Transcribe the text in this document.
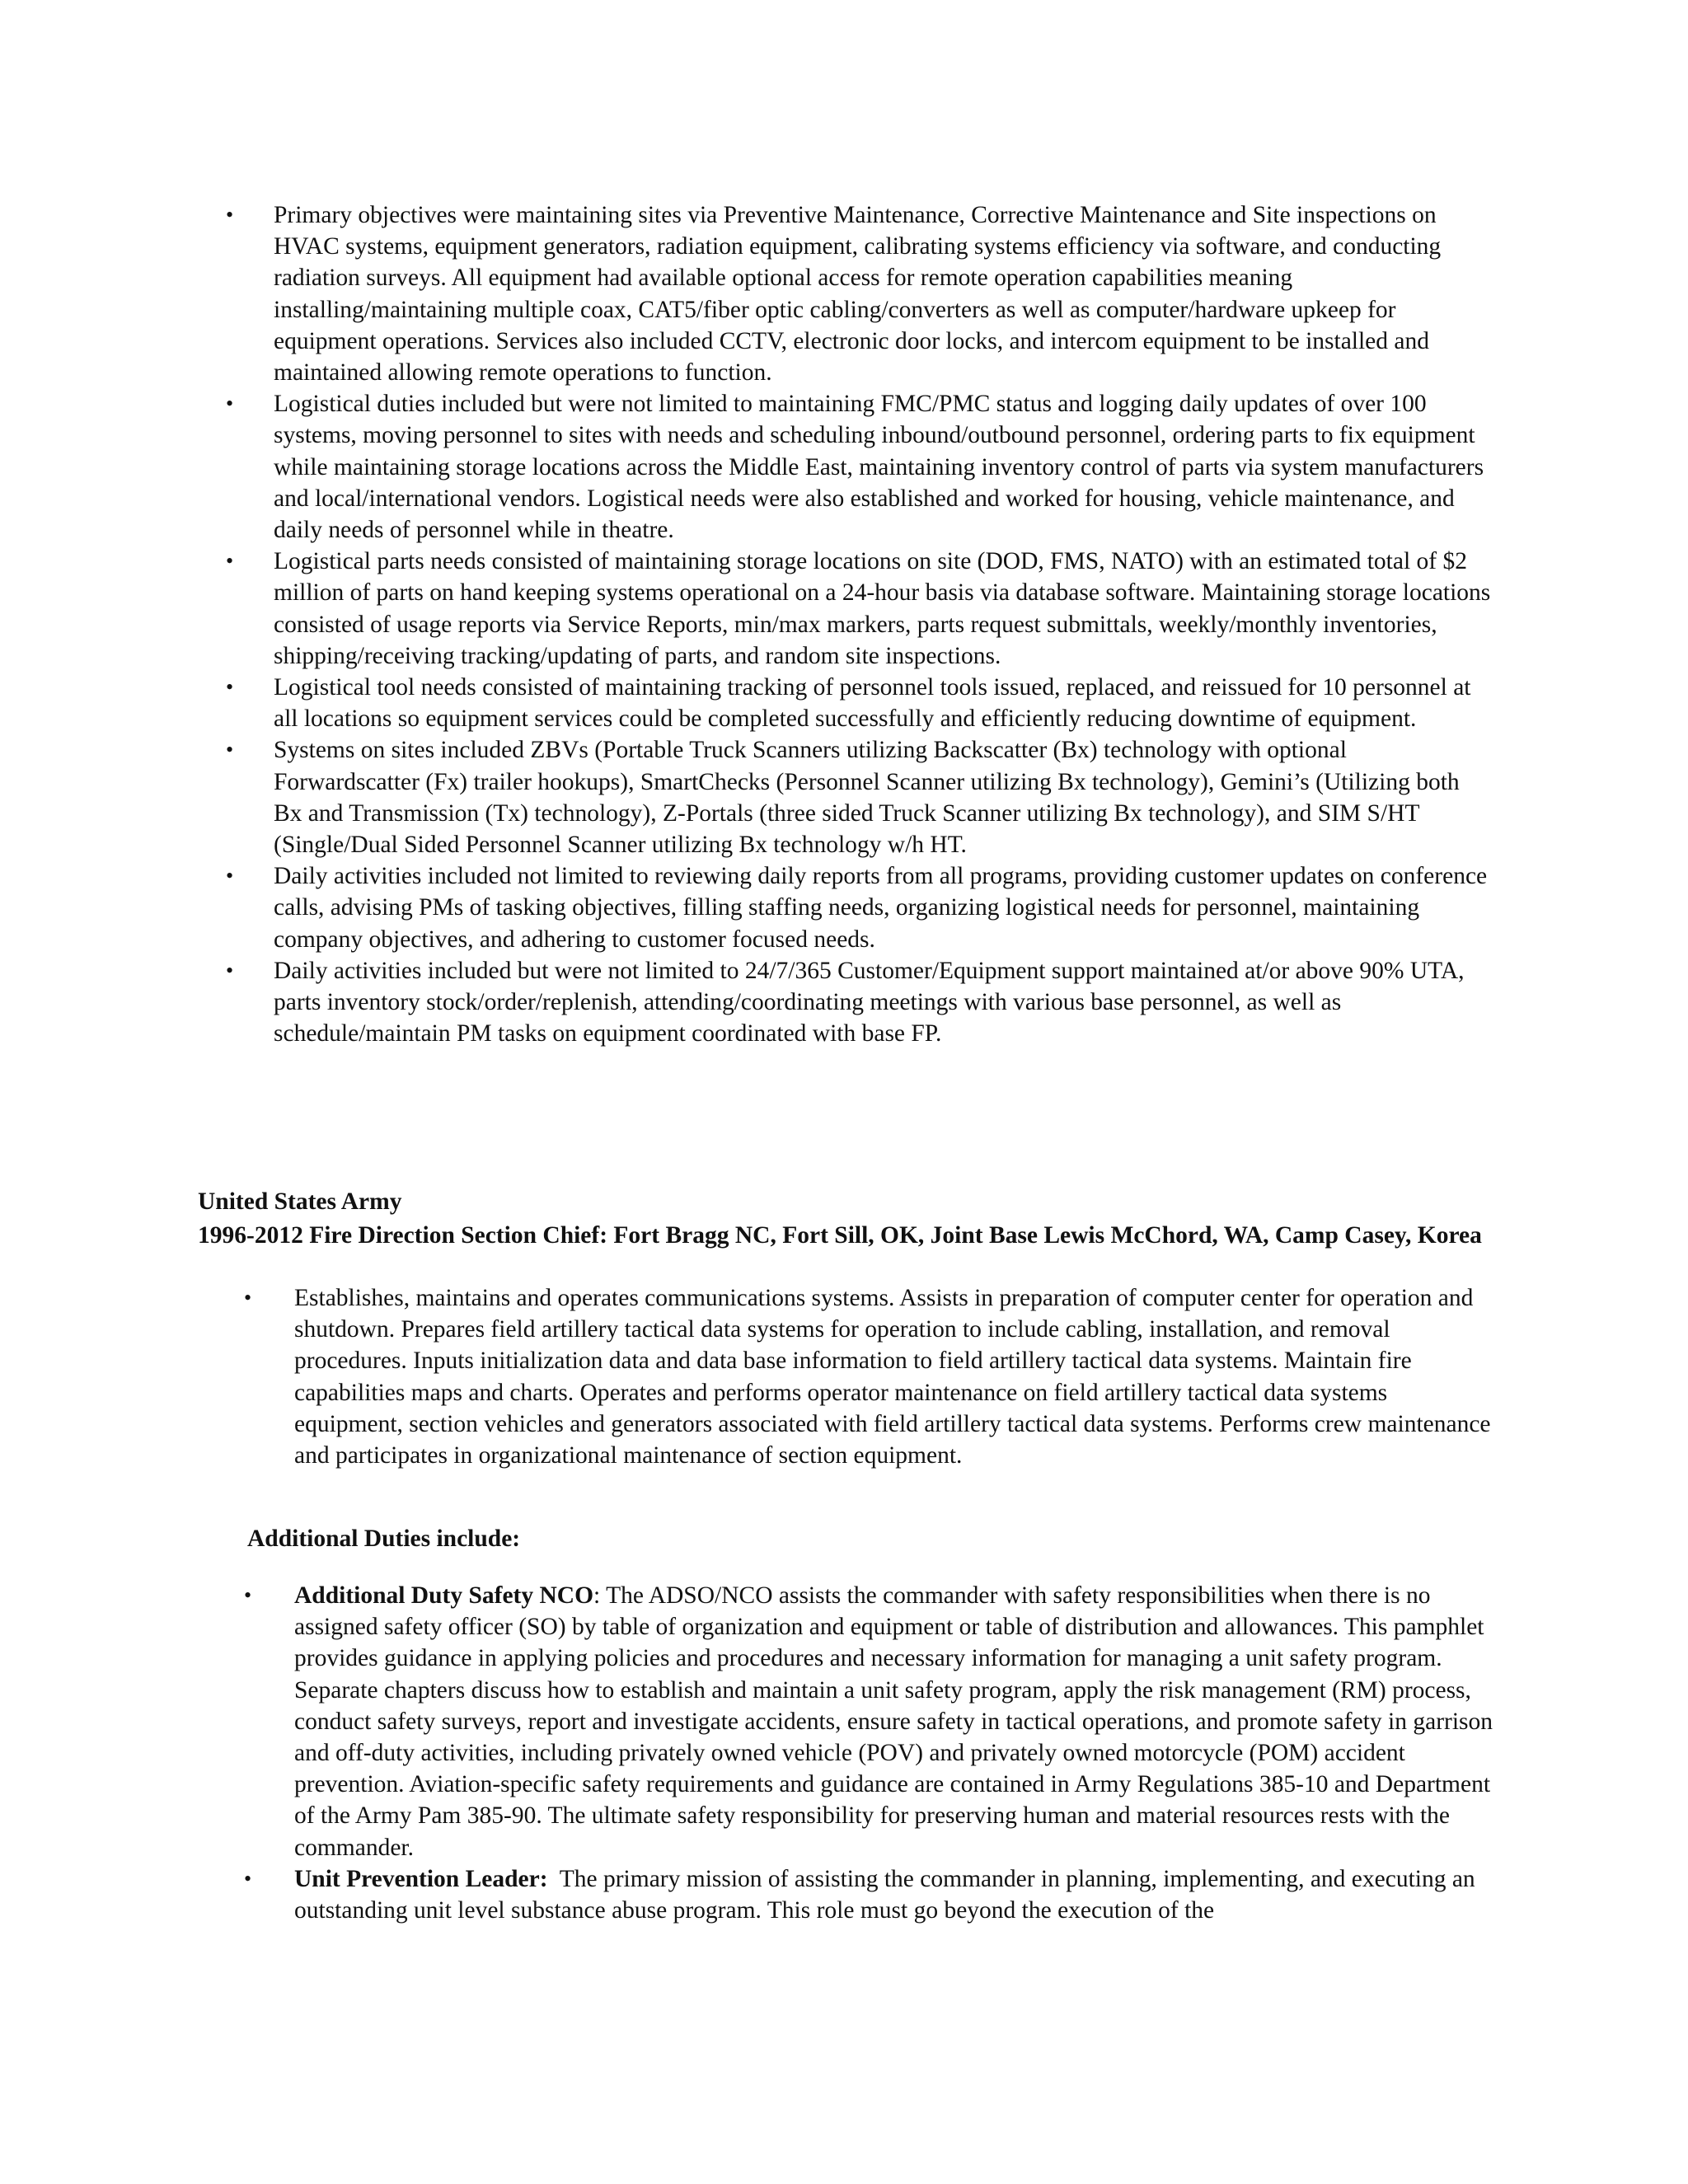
• Primary objectives were maintaining sites via Preventive Maintenance, Corrective Maintenance and Site inspections on HVAC systems, equipment generators, radiation equipment, calibrating systems efficiency via software, and conducting radiation surveys. All equipment had available optional access for remote operation capabilities meaning installing/maintaining multiple coax, CAT5/fiber optic cabling/converters as well as computer/hardware upkeep for equipment operations. Services also included CCTV, electronic door locks, and intercom equipment to be installed and maintained allowing remote operations to function.
• Logistical duties included but were not limited to maintaining FMC/PMC status and logging daily updates of over 100 systems, moving personnel to sites with needs and scheduling inbound/outbound personnel, ordering parts to fix equipment while maintaining storage locations across the Middle East, maintaining inventory control of parts via system manufacturers and local/international vendors. Logistical needs were also established and worked for housing, vehicle maintenance, and daily needs of personnel while in theatre.
• Logistical parts needs consisted of maintaining storage locations on site (DOD, FMS, NATO) with an estimated total of $2 million of parts on hand keeping systems operational on a 24-hour basis via database software. Maintaining storage locations consisted of usage reports via Service Reports, min/max markers, parts request submittals, weekly/monthly inventories, shipping/receiving tracking/updating of parts, and random site inspections.
• Logistical tool needs consisted of maintaining tracking of personnel tools issued, replaced, and reissued for 10 personnel at all locations so equipment services could be completed successfully and efficiently reducing downtime of equipment.
• Systems on sites included ZBVs (Portable Truck Scanners utilizing Backscatter (Bx) technology with optional Forwardscatter (Fx) trailer hookups), SmartChecks (Personnel Scanner utilizing Bx technology), Gemini’s (Utilizing both Bx and Transmission (Tx) technology), Z-Portals (three sided Truck Scanner utilizing Bx technology), and SIM S/HT (Single/Dual Sided Personnel Scanner utilizing Bx technology w/h HT.
• Daily activities included not limited to reviewing daily reports from all programs, providing customer updates on conference calls, advising PMs of tasking objectives, filling staffing needs, organizing logistical needs for personnel, maintaining company objectives, and adhering to customer focused needs.
• Daily activities included but were not limited to 24/7/365 Customer/Equipment support maintained at/or above 90% UTA, parts inventory stock/order/replenish, attending/coordinating meetings with various base personnel, as well as schedule/maintain PM tasks on equipment coordinated with base FP.
United States Army
1996-2012 Fire Direction Section Chief: Fort Bragg NC, Fort Sill, OK, Joint Base Lewis McChord, WA, Camp Casey, Korea
• Establishes, maintains and operates communications systems. Assists in preparation of computer center for operation and shutdown. Prepares field artillery tactical data systems for operation to include cabling, installation, and removal procedures. Inputs initialization data and data base information to field artillery tactical data systems. Maintain fire capabilities maps and charts. Operates and performs operator maintenance on field artillery tactical data systems equipment, section vehicles and generators associated with field artillery tactical data systems. Performs crew maintenance and participates in organizational maintenance of section equipment.
Additional Duties include:
• Additional Duty Safety NCO: The ADSO/NCO assists the commander with safety responsibilities when there is no assigned safety officer (SO) by table of organization and equipment or table of distribution and allowances. This pamphlet provides guidance in applying policies and procedures and necessary information for managing a unit safety program. Separate chapters discuss how to establish and maintain a unit safety program, apply the risk management (RM) process, conduct safety surveys, report and investigate accidents, ensure safety in tactical operations, and promote safety in garrison and off-duty activities, including privately owned vehicle (POV) and privately owned motorcycle (POM) accident prevention. Aviation-specific safety requirements and guidance are contained in Army Regulations 385-10 and Department of the Army Pam 385-90. The ultimate safety responsibility for preserving human and material resources rests with the commander.
• Unit Prevention Leader: The primary mission of assisting the commander in planning, implementing, and executing an outstanding unit level substance abuse program. This role must go beyond the execution of the
